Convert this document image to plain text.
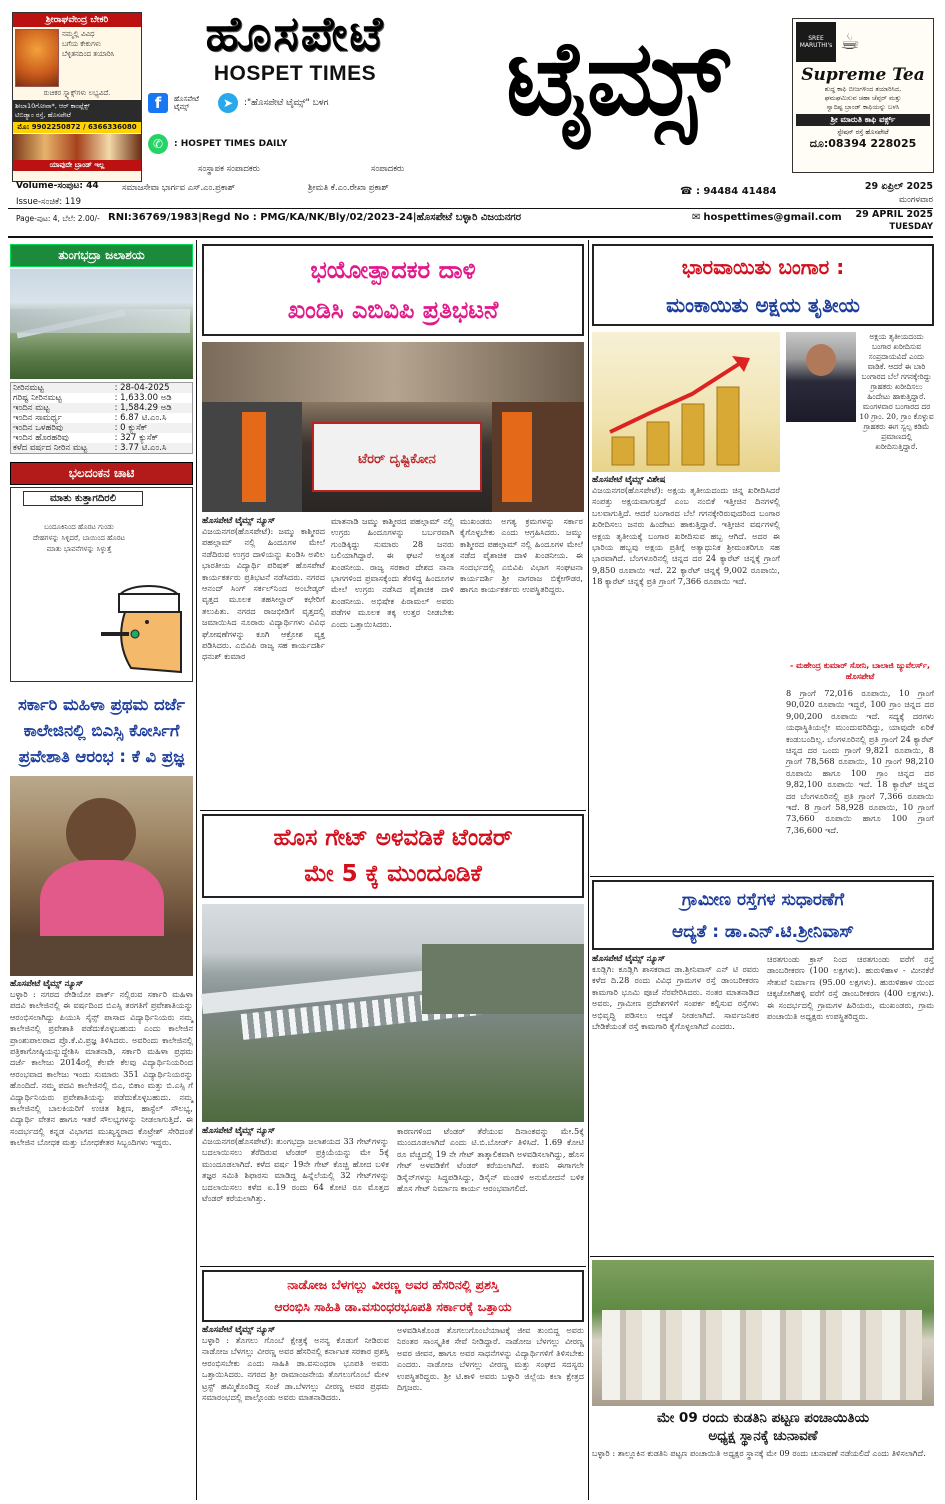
ಶ್ರೀರಾಘವೇಂದ್ರ ಬೇಕರಿ
ನಮ್ಮಲ್ಲಿ ವಿವಿಧ
ಬಗೆಯ ಕೇಕುಗಳು
ಬೆಳ್ಳಿತನದಿಂದ ತಯಾರಿಸಿ
ರುಚಿಕರ ಸ್ನ್ಯಾಕ್ಸ್‌ಗಳು ಲಭ್ಯವಿದೆ.
ಶೀಲಾ10ಗೋವಾ*, ಆರ್ ಕಾಂಪ್ಲೆಕ್ಸ್
ಟಿಬಿಡ್ಯಾಂ ರಸ್ತೆ, ಹೊಸಪೇಟೆ
ಮೊ: 9902250872 / 6366336080
ಯಾವುದೇ ಬ್ರಾಂಡ್ ಇಲ್ಲ
ಹೊಸಪೇಟೆ
HOSPET TIMES
f	ಹೊಸಪೇಟೆ ಟೈಮ್ಸ್	➤	:"ಹೊಸಪೇಟೆ ಟೈಮ್ಸ್" ಬಳಗ
✆	: HOSPET TIMES DAILY
ಟೈಮ್ಸ್	SREE MARUTHI's ☕
Supreme Tea
ಶುದ್ಧ ಕಾಫಿ ಬೀಜಗಳಿಂದ ತಯಾರಿಸಿದ,
ಘಮಘಮಿಸುವ ಚಹಾ ಚೆಪ್ಪರ್ ಮತ್ತು
ಸ್ವಾದಿಷ್ಟ ಬ್ರಾಂಡ್ ಕಾಫಿಯನ್ನು ಬಳಸಿ
ಶ್ರೀ ಮಾರುತಿ ಕಾಫಿ ವರ್ಕ್ಸ್
ಸ್ಟೇಷನ್ ರಸ್ತೆ ಹೊಸಪೇಟೆ
ದೂ:08394 228025
ಸಂಸ್ಥಾಪಕ ಸಂಪಾದಕರು	ಸಂಪಾದಕರು
Volume-ಸಂಪುಟ: 44	ಸಮಾಜಸೇವಾ ಭಾರ್ಗವ ಎಸ್.ಎಂ.ಪ್ರಕಾಶ್	ಶ್ರೀಮತಿ ಕೆ.ಎಂ.ರೇಖಾ ಪ್ರಕಾಶ್	☎ : 94484 41484	29 ಏಪ್ರಿಲ್ 2025
Issue-ಸಂಚಿಕೆ: 119	ಮಂಗಳವಾರ
Page-ಪುಟ: 4, ಬೆಲೆ: 2.00/- RNI:36769/1983|Regd No : PMG/KA/NK/Bly/02/2023-24|ಹೊಸಪೇಟೆ ಬಳ್ಳಾರಿ ವಿಜಯನಗರ	✉ hospettimes@gmail.com	29 APRIL 2025
TUESDAY
ತುಂಗಭದ್ರಾ ಜಲಾಶಯ
ನೀರಿನಮಟ್ಟ	: 28-04-2025
ಗರಿಷ್ಟ ನೀರಿನಮಟ್ಟ	: 1,633.00 ಅಡಿ
ಇಂದಿನ ಮಟ್ಟ	: 1,584.29 ಅಡಿ
ಇಂದಿನ ಸಾಮರ್ಥ್ಯ	: 6.87 ಟಿ.ಎಂ.ಸಿ
ಇಂದಿನ ಒಳಹರಿವು	: 0 ಕ್ಯುಸೆಕ್
ಇಂದಿನ ಹೊರಹರಿವು	: 327 ಕ್ಯುಸೆಕ್
ಕಳೆದ ವರ್ಷದ ನೀರಿನ ಮಟ್ಟ	: 3.77 ಟಿ.ಎಂ.ಸಿ
ಭಲದಂಕನ ಚಾಟಿ
ಮಾತು ಕುತ್ತಾಗದಿರಲಿ
ಬಂದೂಕಿನಿಂದ ಹೊರಟ ಗುಂಡು ದೇಹಗಳನ್ನು ಸಿಳ್ಳಿದರೆ, ಬಾಯಿಂದ ಹೊರಟ ಮಾತು ಭಾವನೆಗಳನ್ನು ಸಿಳ್ಳುತ್ತೆ
ಸರ್ಕಾರಿ ಮಹಿಳಾ ಪ್ರಥಮ ದರ್ಜೆ ಕಾಲೇಜಿನಲ್ಲಿ ಬಿಎಸ್ಸಿ ಕೋರ್ಸಿಗೆ ಪ್ರವೇಶಾತಿ ಆರಂಭ : ಕೆ ವಿ ಪ್ರಜ್ಞ
ಹೊಸಪೇಟೆ ಟೈಮ್ಸ್ ನ್ಯೂಸ್
ಬಳ್ಳಾರಿ : ನಗರದ ರೇಡಿಯೋ ಪಾರ್ಕ್ ನಲ್ಲಿರುವ ಸರ್ಕಾರಿ ಮಹಿಳಾ ಪದವಿ ಕಾಲೇಜಿನಲ್ಲಿ ಈ ವರ್ಷದಿಂದ ಬಿಎಸ್ಸಿ ತರಗತಿಗೆ ಪ್ರವೇಶಾತಿಯನ್ನು ಆರಂಭಿಸಲಾಗಿದ್ದು ಪಿಯುಸಿ ಸೈನ್ಸ್ ಪಾಸಾದ ವಿದ್ಯಾರ್ಥಿನಿಯರು ನಮ್ಮ ಕಾಲೇಜಿನಲ್ಲಿ ಪ್ರವೇಶಾತಿ ಪಡೆದುಕೊಳ್ಳಬಹುದು ಎಂದು ಕಾಲೇಜಿನ ಪ್ರಾಂಶುಪಾಲರಾದ ಪ್ರೊ.ಕೆ.ವಿ.ಪ್ರಜ್ಞ ತಿಳಿಸಿದರು. ಅವರಿಂದು ಕಾಲೇಜಿನಲ್ಲಿ ಪತ್ರಿಕಾಗೋಷ್ಠಿಯನ್ನುದ್ದೇಶಿಸಿ ಮಾತನಾಡಿ, ಸರ್ಕಾರಿ ಮಹಿಳಾ ಪ್ರಥಮ ದರ್ಜೆ ಕಾಲೇಜು 2014ರಲ್ಲಿ ಕೆಲವೇ ಕೆಲವು ವಿದ್ಯಾರ್ಥಿನಿಯರಿಂದ ಆರಂಭವಾದ ಕಾಲೇಜು ಇಂದು ಸುಮಾರು 351 ವಿದ್ಯಾರ್ಥಿನಿಯರನ್ನು ಹೊಂದಿದೆ. ನಮ್ಮ ಪದವಿ ಕಾಲೇಜಿನಲ್ಲಿ ಬಿಎ, ಬಿಕಾಂ ಮತ್ತು ಬಿ.ಎಸ್ಸಿ ಗೆ ವಿದ್ಯಾರ್ಥಿನಿಯರು ಪ್ರವೇಶಾತಿಯನ್ನು ಪಡೆದುಕೊಳ್ಳಬಹುದು. ನಮ್ಮ ಕಾಲೇಜಿನಲ್ಲಿ ಬಾಲಕಿಯರಿಗೆ ಉಚಿತ ಶಿಕ್ಷಣ, ಹಾಸ್ಟೆಲ್ ಸೌಲಭ್ಯ, ವಿದ್ಯಾರ್ಥಿ ವೇತನ ಹಾಗೂ ಇತರೆ ಸೌಲಭ್ಯಗಳನ್ನು ನೀಡಲಾಗುತ್ತಿದೆ. ಈ ಸಂದರ್ಭದಲ್ಲಿ ಕನ್ನಡ ವಿಭಾಗದ ಮುಖ್ಯಸ್ಥರಾದ ಕೊಟ್ರೇಶ್ ಸೇರಿದಂತೆ ಕಾಲೇಜಿನ ಬೋಧಕ ಮತ್ತು ಬೋಧಕೇತರ ಸಿಬ್ಬಂದಿಗಳು ಇದ್ದರು.
ಭಯೋತ್ಪಾದಕರ ದಾಳಿ
ಖಂಡಿಸಿ ಎಬಿವಿಪಿ ಪ್ರತಿಭಟನೆ
ಟೆರರ್ ದೃಷ್ಟಿಕೋನ
ಹೊಸಪೇಟೆ ಟೈಮ್ಸ್ ನ್ಯೂಸ್
ವಿಜಯನಗರ(ಹೊಸಪೇಟೆ): ಜಮ್ಮು ಕಾಶ್ಮೀರದ ಪಹಲ್ಗಾಮ್ ನಲ್ಲಿ ಹಿಂದೂಗಳ ಮೇಲೆ ನಡೆದಿರುವ ಉಗ್ರರ ದಾಳಿಯನ್ನು ಖಂಡಿಸಿ ಅಖಿಲ ಭಾರತೀಯ ವಿದ್ಯಾರ್ಥಿ ಪರಿಷತ್ ಹೊಸಪೇಟೆ ಕಾರ್ಯಕರ್ತರು ಪ್ರತಿಭಟನೆ ನಡೆಸಿದರು. ನಗರದ ಆನಂದ್ ಸಿಂಗ್ ಸರ್ಕಲ್‌ನಿಂದ ಅಂಬೇಡ್ಕರ್ ವೃತ್ತದ ಮೂಲಕ ತಹಸೀಲ್ದಾರ್ ಕಛೇರಿಗೆ ತಲುಪಿತು. ನಗರದ ರಾಜಭೀಡಿಗೆ ವೃತ್ತದಲ್ಲಿ ಜಮಾಯಿಸಿದ ನೂರಾರು ವಿದ್ಯಾರ್ಥಿಗಳು ವಿವಿಧ ಘೋಷಣೆಗಳನ್ನು ಕೂಗಿ ಆಕ್ರೋಶ ವ್ಯಕ್ತ ಪಡಿಸಿದರು. ಎಬಿವಿಪಿ ರಾಜ್ಯ ಸಹ ಕಾರ್ಯದರ್ಶಿ ಧನುಶ್ ಕುಮಾರ
ಮಾತನಾಡಿ ಜಮ್ಮು ಕಾಶ್ಮೀರದ ಪಹಲ್ಗಾಮ್ ನಲ್ಲಿ ಉಗ್ರರು ಹಿಂದೂಗಳನ್ನು ಬರ್ಬರವಾಗಿ ಗುಂಡಿಕ್ಕಿದ್ದು ಸುಮಾರು 28 ಜನರು ಬಲಿಯಾಗಿದ್ದಾರೆ. ಈ ಘಟನೆ ಅತ್ಯಂತ ಖಂಡನೀಯ. ರಾಜ್ಯ ಸರಕಾರ ದೇಶದ ನಾನಾ ಭಾಗಗಳಿಂದ ಪ್ರವಾಸಕ್ಕೆಂದು ತೆರಳಿದ್ದ ಹಿಂದೂಗಳ ಮೇಲೆ ಉಗ್ರರು ನಡೆಸಿದ ಪೈಶಾಚಿಕ ದಾಳಿ ಖಂಡನೀಯ. ಅಭಿಷೇಕ ಪಿರಾಮಲ್ ಅವರು ಪಡೆಗಳ ಮೂಲಕ ತಕ್ಕ ಉತ್ತರ ನೀಡಬೇಕು ಎಂದು ಒತ್ತಾಯಿಸಿದರು.
ಮುಖಂಡರು ಅಗತ್ಯ ಕ್ರಮಗಳನ್ನು ಸರ್ಕಾರ ಕೈಗೊಳ್ಳಬೇಕು ಎಂದು ಆಗ್ರಹಿಸಿದರು. ಜಮ್ಮು ಕಾಶ್ಮೀರದ ಪಹಲ್ಗಾಮ್ ನಲ್ಲಿ ಹಿಂದೂಗಳ ಮೇಲೆ ನಡೆದ ಪೈಶಾಚಿಕ ದಾಳಿ ಖಂಡನೀಯ. ಈ ಸಂದರ್ಭದಲ್ಲಿ ಎಬಿವಿಪಿ ವಿಭಾಗ ಸಂಘಟನಾ ಕಾರ್ಯದರ್ಶಿ ಶ್ರೀ ನಾಗರಾಜ ಬಿಕ್ಕೇಗೌಡರ, ಹಾಗೂ ಕಾರ್ಯಕರ್ತರು ಉಪಸ್ಥಿತರಿದ್ದರು.
ಹೊಸ ಗೇಟ್ ಅಳವಡಿಕೆ ಟೆಂಡರ್
ಮೇ 5 ಕ್ಕೆ ಮುಂದೂಡಿಕೆ
ಹೊಸಪೇಟೆ ಟೈಮ್ಸ್ ನ್ಯೂಸ್
ವಿಜಯನಗರ(ಹೊಸಪೇಟೆ): ತುಂಗಭದ್ರಾ ಜಲಾಶಯದ 33 ಗೇಟ್‌ಗಳನ್ನು ಬದಲಾಯಿಸಲು ತೆರೆದಿರುವ ಟೆಂಡರ್ ಪ್ರಕ್ರಿಯೆಯನ್ನು ಮೇ 5ಕ್ಕೆ ಮುಂದೂಡಲಾಗಿದೆ. ಕಳೆದ ವರ್ಷ 19ನೇ ಗೇಟ್ ಕೊಚ್ಚಿ ಹೋದ ಬಳಿಕ ತಜ್ಞರ ಸಮಿತಿ ಶಿಫಾರಸು ಮಾಡಿದ್ದ ಹಿನ್ನೆಲೆಯಲ್ಲಿ 32 ಗೇಟ್‌ಗಳನ್ನು ಬದಲಾಯಿಸಲು ಕಳೆದ ಏ.19 ರಂದು 64 ಕೋಟಿ ರೂ ಮೊತ್ತದ ಟೆಂಡರ್ ಕರೆಯಲಾಗಿತ್ತು.
ಕಾರಣಗಳಿಂದ ಟೆಂಡರ್ ತೆರೆಯುವ ದಿನಾಂಕವನ್ನು ಮೇ.5ಕ್ಕೆ ಮುಂದೂಡಲಾಗಿದೆ ಎಂದು ಟಿ.ಬಿ.ಬೋರ್ಡ್ ತಿಳಿಸಿದೆ. 1.69 ಕೋಟಿ ರೂ ವೆಚ್ಚದಲ್ಲಿ 19 ನೇ ಗೇಟ್ ತಾತ್ಕಾಲಿಕವಾಗಿ ಅಳವಡಿಸಲಾಗಿದ್ದು, ಹೊಸ ಗೇಟ್ ಅಳವಡಿಕೆಗೆ ಟೆಂಡರ್ ಕರೆಯಲಾಗಿದೆ. ಕಂಪನಿ ಈಗಾಗಲೇ ಡಿಸೈನ್‌ಗಳನ್ನು ಸಿದ್ಧಪಡಿಸಿದ್ದು, ಡಿಸೈನ್ ಮಂಡಳಿ ಅನುಮೋದನೆ ಬಳಿಕ ಹೊಸ ಗೇಟ್ ನಿರ್ಮಾಣ ಕಾರ್ಯ ಆರಂಭವಾಗಲಿದೆ.
ನಾಡೋಜ ಬೆಳಗಲ್ಲು ವೀರಣ್ಣ ಅವರ ಹೆಸರಿನಲ್ಲಿ ಪ್ರಶಸ್ತಿ
ಆರಂಭಿಸಿ ಸಾಹಿತಿ ಡಾ.ವಸುಂಧರಭೂಪತಿ ಸರ್ಕಾರಕ್ಕೆ ಒತ್ತಾಯ
ಹೊಸಪೇಟೆ ಟೈಮ್ಸ್ ನ್ಯೂಸ್
ಬಳ್ಳಾರಿ : ತೊಗಲು ಗೊಂಬೆ ಕ್ಷೇತ್ರಕ್ಕೆ ಅನನ್ಯ ಕೊಡುಗೆ ನೀಡಿರುವ ನಾಡೋಜ ಬೆಳಗಲ್ಲು ವೀರಣ್ಣ ಅವರ ಹೆಸರಿನಲ್ಲಿ ಕರ್ನಾಟಕ ಸರಕಾರ ಪ್ರಶಸ್ತಿ ಆರಂಭಿಸಬೇಕು ಎಂದು ಸಾಹಿತಿ ಡಾ.ವಸುಂಧರಾ ಭೂಪತಿ ಅವರು ಒತ್ತಾಯಿಸಿದರು. ನಗರದ ಶ್ರೀ ರಾಮಾಂಜನೇಯ ತೊಗಲುಗೊಂಬೆ ಮೇಳ ಟ್ರಸ್ಟ್ ಹಮ್ಮಿಕೊಂಡಿದ್ದ ಸಂಜೆ ಡಾ.ಬೆಳಗಲ್ಲು ವೀರಣ್ಣ ಅವರ ಪ್ರಥಮ ಸಮಾರಂಭದಲ್ಲಿ ಪಾಲ್ಗೊಂಡು ಅವರು ಮಾತನಾಡಿದರು.
ಅಳವಡಿಸಿಕೊಂಡ ತೊಗಲುಗೊಂಬೆಯಾಟಕ್ಕೆ ಜೀವ ತುಂಬಿದ್ದ ಅವರು ನಿರಂತರ ಸಾಂಸ್ಕೃತಿಕ ಸೇವೆ ನೀಡಿದ್ದಾರೆ. ನಾಡೋಜ ಬೆಳಗಲ್ಲು ವೀರಣ್ಣ ಅವರ ಜೀವನ, ಹಾಗೂ ಅವರ ಸಾಧನೆಗಳನ್ನು ವಿದ್ಯಾರ್ಥಿಗಳಿಗೆ ತಿಳಿಸಬೇಕು ಎಂದರು. ನಾಡೋಜ ಬೆಳಗಲ್ಲು ವೀರಣ್ಣ ಮತ್ತು ಸಂಘದ ಸದಸ್ಯರು ಉಪಸ್ಥಿತರಿದ್ದರು. ಶ್ರೀ ಟಿ.ಕಾಳಿ ಅವರು ಬಳ್ಳಾರಿ ಜಿಲ್ಲೆಯ ಕಲಾ ಕ್ಷೇತ್ರದ ದಿಗ್ಗಜರು.
ಭಾರವಾಯಿತು ಬಂಗಾರ :
ಮಂಕಾಯಿತು ಅಕ್ಷಯ ತೃತೀಯ
ಹೊಸಪೇಟೆ ಟೈಮ್ಸ್ ವಿಶೇಷ
ವಿಜಯನಗರ(ಹೊಸಪೇಟೆ): ಅಕ್ಷಯ ತೃತೀಯದಂದು ಚಿನ್ನ ಖರೀದಿಸಿದರೆ ಸಂಪತ್ತು ಅಕ್ಷಯವಾಗುತ್ತದೆ ಎಂಬ ನಂಬಿಕೆ ಇತ್ತೀಚಿನ ದಿನಗಳಲ್ಲಿ ಬಲವಾಗುತ್ತಿದೆ. ಆದರೆ ಬಂಗಾರದ ಬೆಲೆ ಗಗನಕ್ಕೇರಿರುವುದರಿಂದ ಬಂಗಾರ ಖರೀದಿಸಲು ಜನರು ಹಿಂದೇಟು ಹಾಕುತ್ತಿದ್ದಾರೆ. ಇತ್ತೀಚಿನ ವರ್ಷಗಳಲ್ಲಿ ಅಕ್ಷಯ ತೃತೀಯಕ್ಕೆ ಬಂಗಾರ ಖರೀದಿಸುವ ಹಬ್ಬ ಆಗಿದೆ. ಅದರ ಈ ಭಾರಿಯ ಹಬ್ಬವು ಅಕ್ಷಯ ಪ್ರತಿಗ್ಗೆ ಅತ್ಯಾಧುನಿಕ ಶ್ರೀಮಂತರಿಗೂ ಸಹ ಭಾರವಾಗಿದೆ. ಬೆಂಗಳೂರಿನಲ್ಲಿ ಚಿನ್ನದ ದರ 24 ಕ್ಯಾರೆಟ್ ಚಿನ್ನಕ್ಕೆ ಗ್ರಾಂಗೆ 9,850 ರೂಪಾಯಿ ಇದೆ. 22 ಕ್ಯಾರೆಟ್ ಚಿನ್ನಕ್ಕೆ 9,002 ರೂಪಾಯಿ, 18 ಕ್ಯಾರೆಟ್ ಚಿನ್ನಕ್ಕೆ ಪ್ರತಿ ಗ್ರಾಂಗೆ 7,366 ರೂಪಾಯಿ ಇದೆ.
ಅಕ್ಷಯ ತೃತೀಯದಂದು ಬಂಗಾರ ಖರೀದಿಸುವ ಸಂಪ್ರದಾಯವಿದೆ ಎಂದು ವಾಡಿಕೆ. ಆದರೆ ಈ ಬಾರಿ ಬಂಗಾರದ ಬೆಲೆ ಗಗನಕ್ಕೇರಿದ್ದು ಗ್ರಾಹಕರು ಖರೀದಿಸಲು ಹಿಂದೇಟು ಹಾಕುತ್ತಿದ್ದಾರೆ. ಮಂಗಳವಾರ ಬಂಗಾರದ ದರ 10 ಗ್ರಾಂ. 20, ಗ್ರಾಂ ಕೊಳ್ಳುವ ಗ್ರಾಹಕರು ಈಗ ಸ್ವಲ್ಪ ಕಡಿಮೆ ಪ್ರಮಾಣದಲ್ಲಿ ಖರೀದಿಸುತ್ತಿದ್ದಾರೆ.
- ಮಹೇಂದ್ರ ಕುಮಾರ್ ಸೋನಿ, ಬಾಲಾಜಿ ಜ್ಯುವೆಲರ್ಸ್, ಹೊಸಪೇಟೆ
8 ಗ್ರಾಂಗೆ 72,016 ರೂಪಾಯಿ, 10 ಗ್ರಾಂಗೆ 90,020 ರೂಪಾಯಿ ಇದ್ದರೆ, 100 ಗ್ರಾಂ ಚಿನ್ನದ ದರ 9,00,200 ರೂಪಾಯಿ ಇದೆ. ಸದ್ಯಕ್ಕೆ ದರಗಳು ಯಥಾಸ್ಥಿತಿಯಲ್ಲೇ ಮುಂದುವರಿದಿದ್ದು, ಯಾವುದೇ ಏರಿಕೆ ಕಂಡುಬಂದಿಲ್ಲ. ಬೆಂಗಳೂರಿನಲ್ಲಿ ಪ್ರತಿ ಗ್ರಾಂಗೆ 24 ಕ್ಯಾರೆಟ್ ಚಿನ್ನದ ದರ ಒಂದು ಗ್ರಾಂಗೆ 9,821 ರೂಪಾಯಿ, 8 ಗ್ರಾಂಗೆ 78,568 ರೂಪಾಯಿ, 10 ಗ್ರಾಂಗೆ 98,210 ರೂಪಾಯಿ ಹಾಗೂ 100 ಗ್ರಾಂ ಚಿನ್ನದ ದರ 9,82,100 ರೂಪಾಯಿ ಇದೆ. 18 ಕ್ಯಾರೆಟ್ ಚಿನ್ನದ ದರ ಬೆಂಗಳೂರಿನಲ್ಲಿ ಪ್ರತಿ ಗ್ರಾಂಗೆ 7,366 ರೂಪಾಯಿ ಇದೆ. 8 ಗ್ರಾಂಗೆ 58,928 ರೂಪಾಯಿ, 10 ಗ್ರಾಂಗೆ 73,660 ರೂಪಾಯಿ ಹಾಗೂ 100 ಗ್ರಾಂಗೆ 7,36,600 ಇದೆ.
ಗ್ರಾಮೀಣ ರಸ್ತೆಗಳ ಸುಧಾರಣೆಗೆ
ಆದ್ಯತೆ : ಡಾ.ಎನ್.ಟಿ.ಶ್ರೀನಿವಾಸ್
ಹೊಸಪೇಟೆ ಟೈಮ್ಸ್ ನ್ಯೂಸ್
ಕೂಡ್ಲಿಗಿ: ಕೂಡ್ಲಿಗಿ ಶಾಸಕರಾದ ಡಾ.ಶ್ರೀನಿವಾಸ್ ಎನ್ ಟಿ ರವರು ಕಳೆದ ದಿ.28 ರಂದು ವಿವಿಧ ಗ್ರಾಮಗಳ ರಸ್ತೆ ಡಾಂಬರೀಕರಣ ಕಾಮಗಾರಿ ಭೂಮಿ ಪೂಜೆ ನೆರವೇರಿಸಿದರು. ನಂತರ ಮಾತನಾಡಿದ ಅವರು, ಗ್ರಾಮೀಣ ಪ್ರದೇಶಗಳಿಗೆ ಸಂಪರ್ಕ ಕಲ್ಪಿಸುವ ರಸ್ತೆಗಳು ಅಭಿವೃದ್ಧಿ ಪಡಿಸಲು ಆದ್ಯತೆ ನೀಡಲಾಗಿದೆ. ಸಾರ್ವಜನಿಕರ ಬೇಡಿಕೆಯಂತೆ ರಸ್ತೆ ಕಾಮಗಾರಿ ಕೈಗೊಳ್ಳಲಾಗಿದೆ ಎಂದರು.
ಚಿರತಗುಂಡು ಕ್ರಾಸ್ ನಿಂದ ಚಿರತಗುಂಡು ವರೆಗೆ ರಸ್ತೆ ಡಾಂಬರೀಕರಣ (100 ಲಕ್ಷಗಳು). ಹುರುಳಿಹಾಳ - ಮೀನಕೆರೆ ಸೇತುವೆ ನಿರ್ಮಾಣ (95.00 ಲಕ್ಷಗಳು). ಹುರುಳಿಹಾಳ ಯಿಂದ ಚಿಕ್ಕಜೋಗಿಹಳ್ಳಿ ವರೆಗೆ ರಸ್ತೆ ಡಾಂಬರೀಕರಣ (400 ಲಕ್ಷಗಳು). ಈ ಸಂದರ್ಭದಲ್ಲಿ ಗ್ರಾಮಗಳ ಹಿರಿಯರು, ಮುಖಂಡರು, ಗ್ರಾಮ ಪಂಚಾಯಿತಿ ಅಧ್ಯಕ್ಷರು ಉಪಸ್ಥಿತರಿದ್ದರು.
ಮೇ 09 ರಂದು ಕುಡತಿನಿ ಪಟ್ಟಣ ಪಂಚಾಯಿತಿಯ
ಅಧ್ಯಕ್ಷ ಸ್ಥಾನಕ್ಕೆ ಚುನಾವಣೆ
ಬಳ್ಳಾರಿ : ತಾಲ್ಲೂಕಿನ ಕುಡತಿನಿ ಪಟ್ಟಣ ಪಂಚಾಯಿತಿ ಅಧ್ಯಕ್ಷರ ಸ್ಥಾನಕ್ಕೆ ಮೇ 09 ರಂದು ಚುನಾವಣೆ ನಡೆಯಲಿದೆ ಎಂದು ತಿಳಿಸಲಾಗಿದೆ.
